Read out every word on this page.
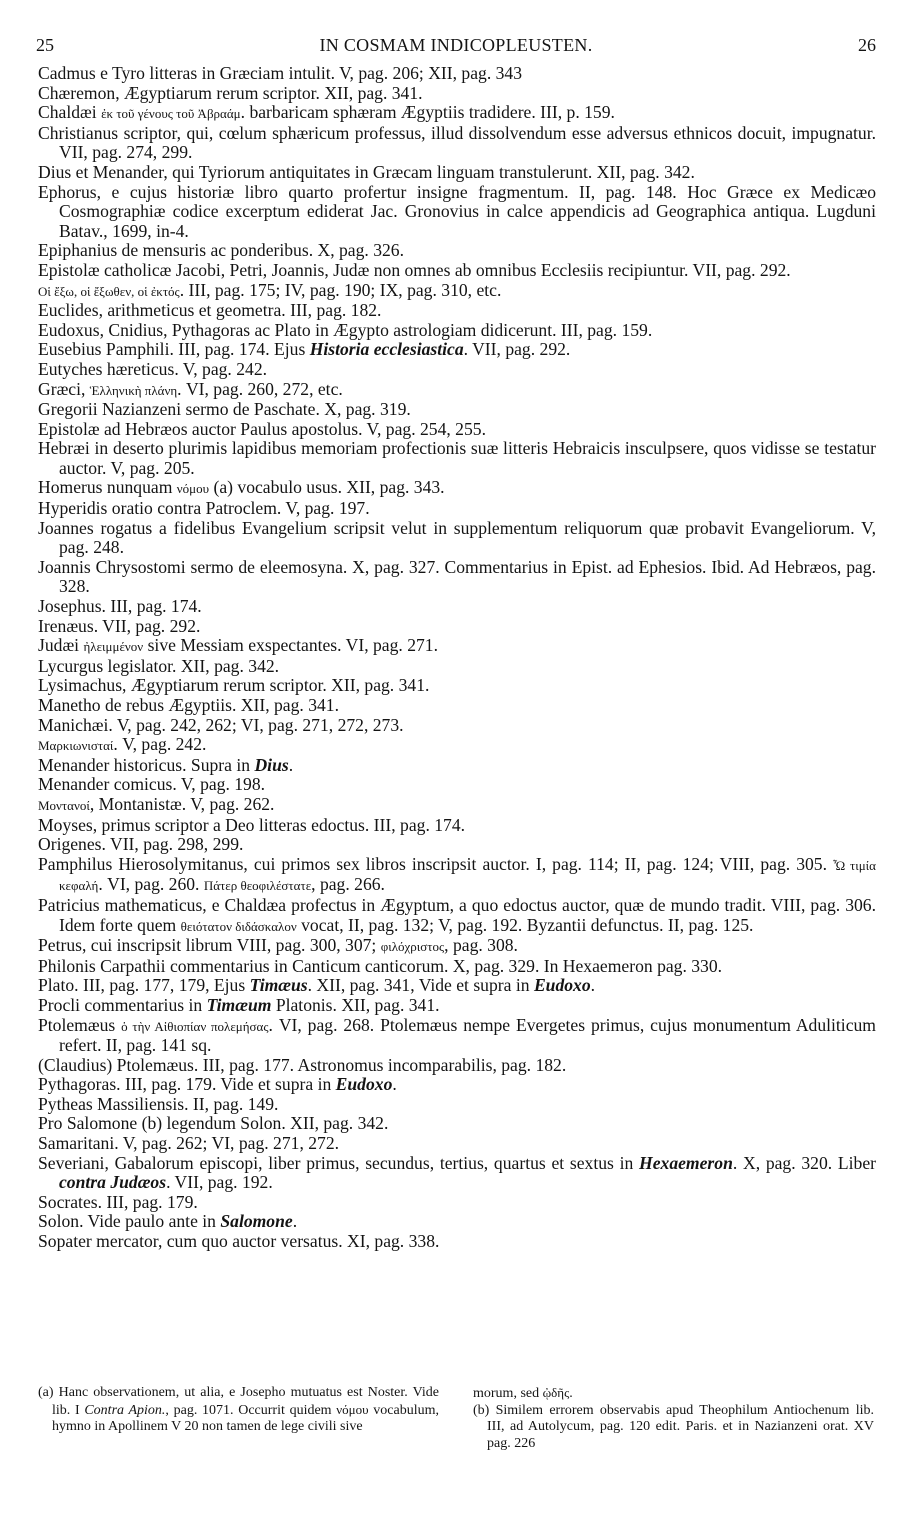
25	IN COSMAM INDICOPLEUSTEN.	26
Cadmus e Tyro litteras in Græciam intulit. V, pag. 206; XII, pag. 343
Chæremon, Ægyptiarum rerum scriptor. XII, pag. 341.
Chaldæi ἐκ τοῦ γένους τοῦ Ἀβραάμ. barbaricam sphæram Ægyptiis tradidere. III, p. 159.
Christianus scriptor, qui, cœlum sphæricum professus, illud dissolvendum esse adversus ethnicos docuit, impugnatur. VII, pag. 274, 299.
Dius et Menander, qui Tyriorum antiquitates in Græcam linguam transtulerunt. XII, pag. 342.
Ephorus, e cujus historiæ libro quarto profertur insigne fragmentum. II, pag. 148. Hoc Græce ex Medicæo Cosmographiæ codice excerptum ediderat Jac. Gronovius in calce appendicis ad Geographica antiqua. Lugduni Batav., 1699, in-4.
Epiphanius de mensuris ac ponderibus. X, pag. 326.
Epistolæ catholicæ Jacobi, Petri, Joannis, Judæ non omnes ab omnibus Ecclesiis recipiuntur. VII, pag. 292.
Οἱ ἔξω, οἱ ἔξωθεν, οἱ ἐκτός. III, pag. 175; IV, pag. 190; IX, pag. 310, etc.
Euclides, arithmeticus et geometra. III, pag. 182.
Eudoxus, Cnidius, Pythagoras ac Plato in Ægypto astrologiam didicerunt. III, pag. 159.
Eusebius Pamphili. III, pag. 174. Ejus Historia ecclesiastica. VII, pag. 292.
Eutyches hæreticus. V, pag. 242.
Græci, Ἑλληνικὴ πλάνη. VI, pag. 260, 272, etc.
Gregorii Nazianzeni sermo de Paschate. X, pag. 319.
Epistolæ ad Hebræos auctor Paulus apostolus. V, pag. 254, 255.
Hebræi in deserto plurimis lapidibus memoriam profectionis suæ litteris Hebraicis insculpsere, quos vidisse se testatur auctor. V, pag. 205.
Homerus nunquam νόμου (a) vocabulo usus. XII, pag. 343.
Hyperidis oratio contra Patroclem. V, pag. 197.
Joannes rogatus a fidelibus Evangelium scripsit velut in supplementum reliquorum quæ probavit Evangeliorum. V, pag. 248.
Joannis Chrysostomi sermo de eleemosyna. X, pag. 327. Commentarius in Epist. ad Ephesios. Ibid. Ad Hebræos, pag. 328.
Josephus. III, pag. 174.
Irenæus. VII, pag. 292.
Judæi ἠλειμμένον sive Messiam exspectantes. VI, pag. 271.
Lycurgus legislator. XII, pag. 342.
Lysimachus, Ægyptiarum rerum scriptor. XII, pag. 341.
Manetho de rebus Ægyptiis. XII, pag. 341.
Manichæi. V, pag. 242, 262; VI, pag. 271, 272, 273.
Μαρκιωνισταί. V, pag. 242.
Menander historicus. Supra in Dius.
Menander comicus. V, pag. 198.
Μοντανοί, Montanistæ. V, pag. 262.
Moyses, primus scriptor a Deo litteras edoctus. III, pag. 174.
Origenes. VII, pag. 298, 299.
Pamphilus Hierosolymitanus, cui primos sex libros inscripsit auctor. I, pag. 114; II, pag. 124; VIII, pag. 305. Ὦ τιμία κεφαλή. VI, pag. 260. Πάτερ θεοφιλέστατε, pag. 266.
Patricius mathematicus, e Chaldæa profectus in Ægyptum, a quo edoctus auctor, quæ de mundo tradit. VIII, pag. 306. Idem forte quem θειότατον διδάσκαλον vocat, II, pag. 132; V, pag. 192. Byzantii defunctus. II, pag. 125.
Petrus, cui inscripsit librum VIII, pag. 300, 307; φιλόχριστος, pag. 308.
Philonis Carpathii commentarius in Canticum canticorum. X, pag. 329. In Hexaemeron pag. 330.
Plato. III, pag. 177, 179, Ejus Timæus. XII, pag. 341, Vide et supra in Eudoxo.
Procli commentarius in Timæum Platonis. XII, pag. 341.
Ptolemæus ὁ τὴν Αἰθιοπίαν πολεμήσας. VI, pag. 268. Ptolemæus nempe Evergetes primus, cujus monumentum Aduliticum refert. II, pag. 141 sq.
(Claudius) Ptolemæus. III, pag. 177. Astronomus incomparabilis, pag. 182.
Pythagoras. III, pag. 179. Vide et supra in Eudoxo.
Pytheas Massiliensis. II, pag. 149.
Pro Salomone (b) legendum Solon. XII, pag. 342.
Samaritani. V, pag. 262; VI, pag. 271, 272.
Severiani, Gabalorum episcopi, liber primus, secundus, tertius, quartus et sextus in Hexaemeron. X, pag. 320. Liber contra Judæos. VII, pag. 192.
Socrates. III, pag. 179.
Solon. Vide paulo ante in Salomone.
Sopater mercator, cum quo auctor versatus. XI, pag. 338.

(a) Hanc observationem, ut alia, e Josepho mutuatus est Noster. Vide lib. I Contra Apion., pag. 1071. Occurrit quidem νόμου vocabulum, hymno in Apollinem V 20 non tamen de lege civili sive

morum, sed ᾠδῆς.

(b) Similem errorem observabis apud Theophilum Antiochenum lib. III, ad Autolycum, pag. 120 edit. Paris. et in Nazianzeni orat. XV pag. 226
